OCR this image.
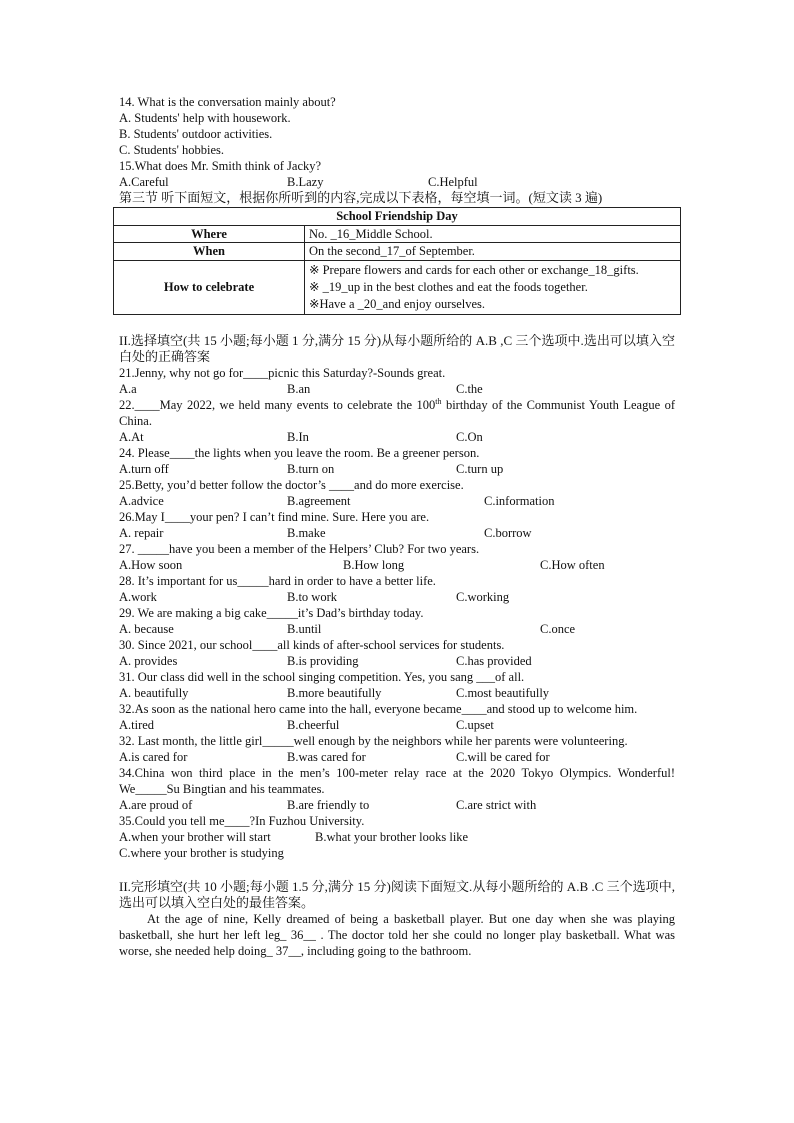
14. What is the conversation mainly about?
A. Students' help with housework.
B. Students' outdoor activities.
C. Students' hobbies.
15.What does Mr. Smith think of Jacky?
A.Careful	B.Lazy	C.Helpful
第三节 听下面短文，根据你所听到的内容,完成以下表格，每空填一词。(短文读 3 遍)
School Friendship Day	
Where	No. _16_Middle School.
When	On the second_17_of September.
How to celebrate	※ Prepare flowers and cards for each other or exchange_18_gifts.
※ _19_up in the best clothes and eat the foods together.
※Have a _20_and enjoy ourselves.
II.选择填空(共 15 小题;每小题 1 分,满分 15 分)从每小题所给的 A.B ,C 三个选项中.选出可以填入空白处的正确答案
21.Jenny, why not go for____picnic this Saturday?-Sounds great.
A.a	B.an	C.the
22.____May 2022, we held many events to celebrate the 100th birthday of the Communist Youth League of China.
A.At	B.In	C.On
24. Please____the lights when you leave the room. Be a greener person.
A.turn off	B.turn on	C.turn up
25.Betty, you’d better follow the doctor’s ____and do more exercise.
A.advice	B.agreement	C.information
26.May I____your pen? I can’t find mine. Sure. Here you are.
A. repair	B.make	C.borrow
27. _____have you been a member of the Helpers’ Club? For two years.
A.How soon	B.How long	C.How often
28. It’s important for us_____hard in order to have a better life.
A.work	B.to work	C.working
29. We are making a big cake_____it’s Dad’s birthday today.
A. because	B.until	C.once
30. Since 2021, our school____all kinds of after-school services for students.
A. provides	B.is providing	C.has provided
31. Our class did well in the school singing competition. Yes, you sang ___of all.
A. beautifully	B.more beautifully	C.most beautifully
32.As soon as the national hero came into the hall, everyone became____and stood up to welcome him.
A.tired	B.cheerful	C.upset
32. Last month, the little girl_____well enough by the neighbors while her parents were volunteering.
A.is cared for	B.was cared for	C.will be cared for
34.China won third place in the men’s 100-meter relay race at the 2020 Tokyo Olympics. Wonderful! We_____Su Bingtian and his teammates.
A.are proud of	B.are friendly to	C.are strict with
35.Could you tell me____?In Fuzhou University.
A.when your brother will start	B.what your brother looks like
C.where your brother is studying
II.完形填空(共 10 小题;每小题 1.5 分,满分 15 分)阅读下面短文.从每小题所给的 A.B .C 三个选项中,选出可以填入空白处的最佳答案。
At the age of nine, Kelly dreamed of being a basketball player. But one day when she was playing basketball, she hurt her left leg_ 36__ . The doctor told her she could no longer play basketball. What was worse, she needed help doing_ 37__, including going to the bathroom.
